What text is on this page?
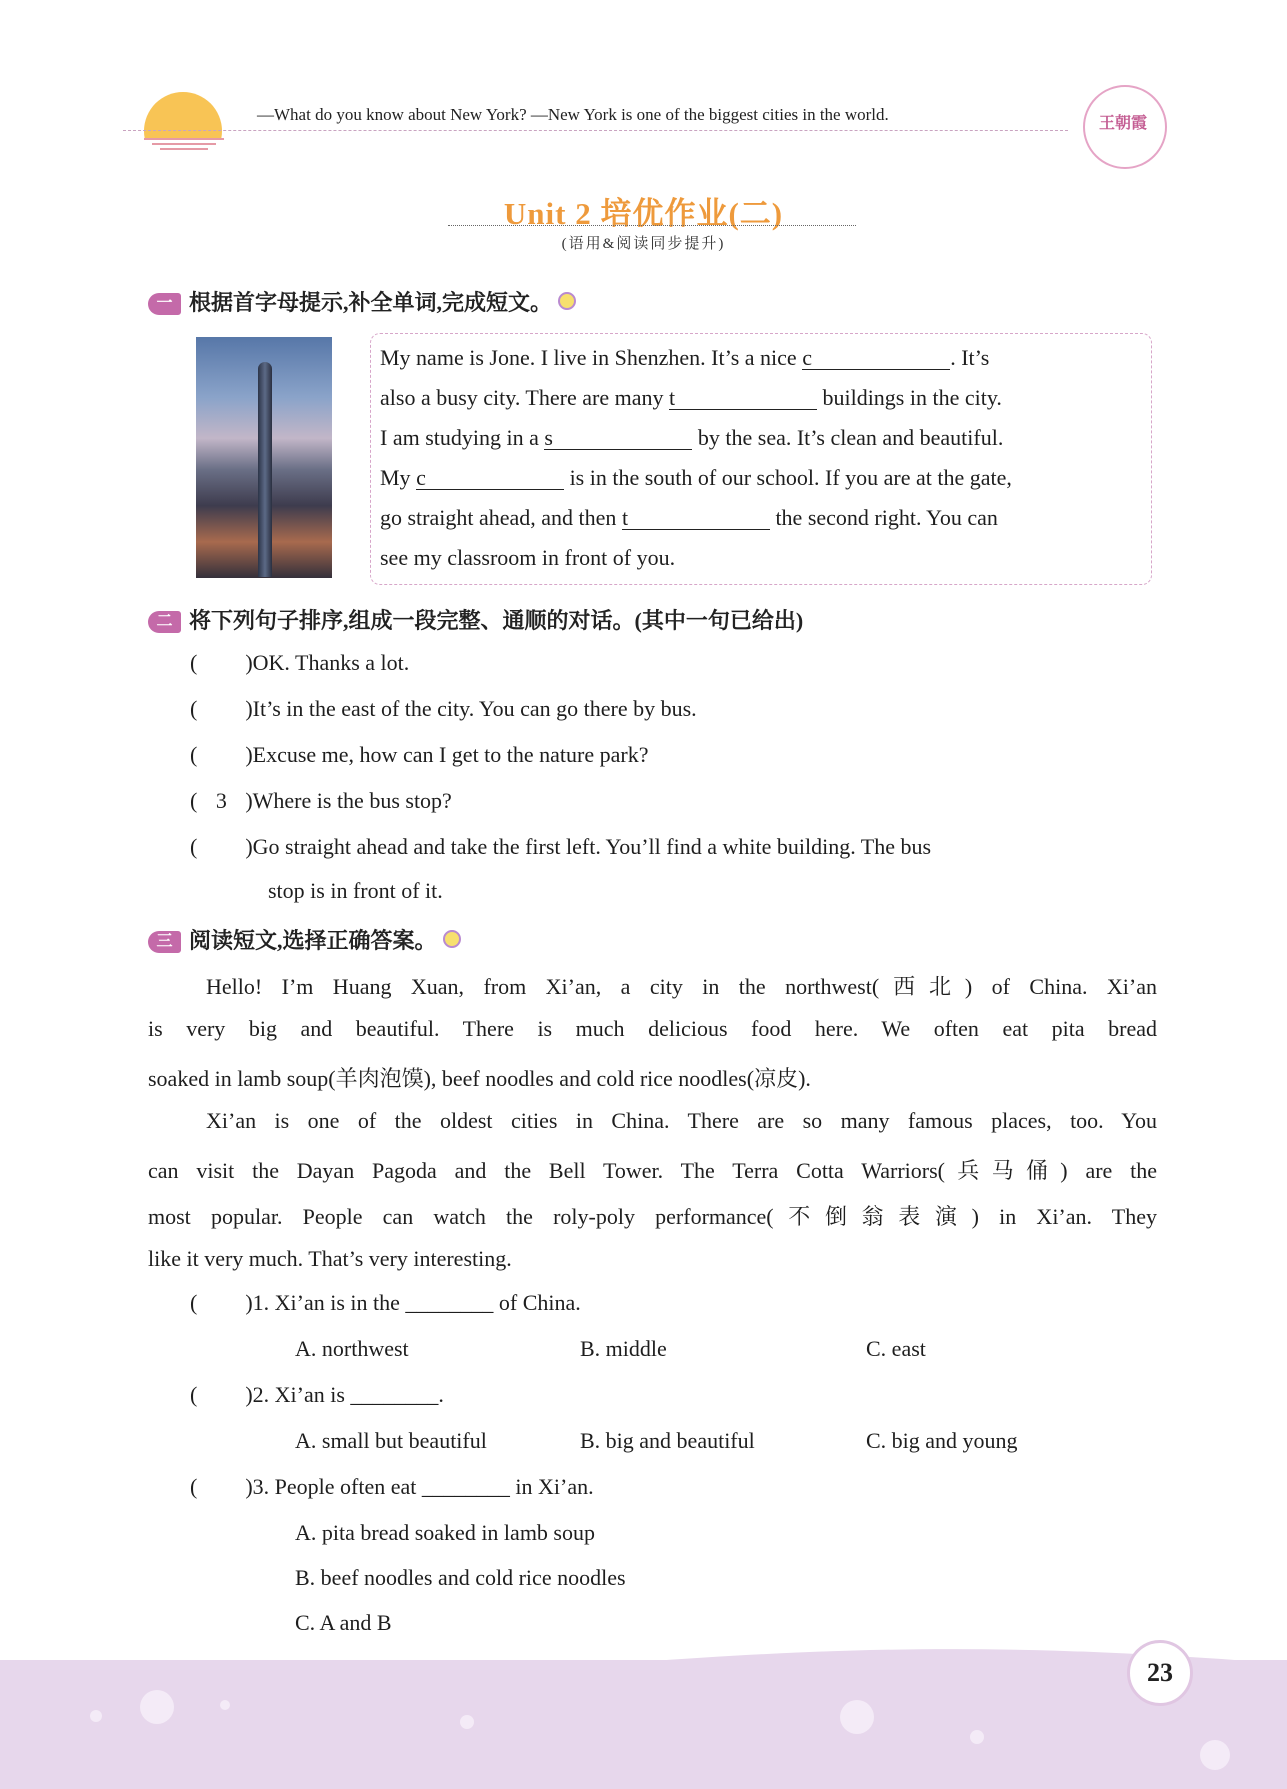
—What do you know about New York? —New York is one of the biggest cities in the world.	王朝霞
Unit 2 培优作业(二)
(语用&阅读同步提升)
一 根据首字母提示,补全单词,完成短文。
My name is Jone. I live in Shenzhen. It’s a nice c	. It’s
also a busy city. There are many t	buildings in the city.
I am studying in a s	by the sea. It’s clean and beautiful.
My c	is in the south of our school. If you are at the gate,
go straight ahead, and then t	the second right. You can
see my classroom in front of you.
二 将下列句子排序,组成一段完整、通顺的对话。(其中一句已给出)
( )OK. Thanks a lot.
( )It’s in the east of the city. You can go there by bus.
( )Excuse me, how can I get to the nature park?
( 3 )Where is the bus stop?
( )Go straight ahead and take the first left. You’ll find a white building. The bus
stop is in front of it.
三 阅读短文,选择正确答案。
Hello! I’m Huang Xuan, from Xi’an, a city in the northwest(西北) of China. Xi’an
is very big and beautiful. There is much delicious food here. We often eat pita bread
soaked in lamb soup(羊肉泡馍), beef noodles and cold rice noodles(凉皮).
Xi’an is one of the oldest cities in China. There are so many famous places, too. You
can visit the Dayan Pagoda and the Bell Tower. The Terra Cotta Warriors(兵马俑) are the
most popular. People can watch the roly-poly performance(不倒翁表演) in Xi’an. They
like it very much. That’s very interesting.
( )1. Xi’an is in the ________ of China.
A. northwest	B. middle	C. east
( )2. Xi’an is ________.
A. small but beautiful	B. big and beautiful	C. big and young
( )3. People often eat ________ in Xi’an.
A. pita bread soaked in lamb soup
B. beef noodles and cold rice noodles
C. A and B
23
